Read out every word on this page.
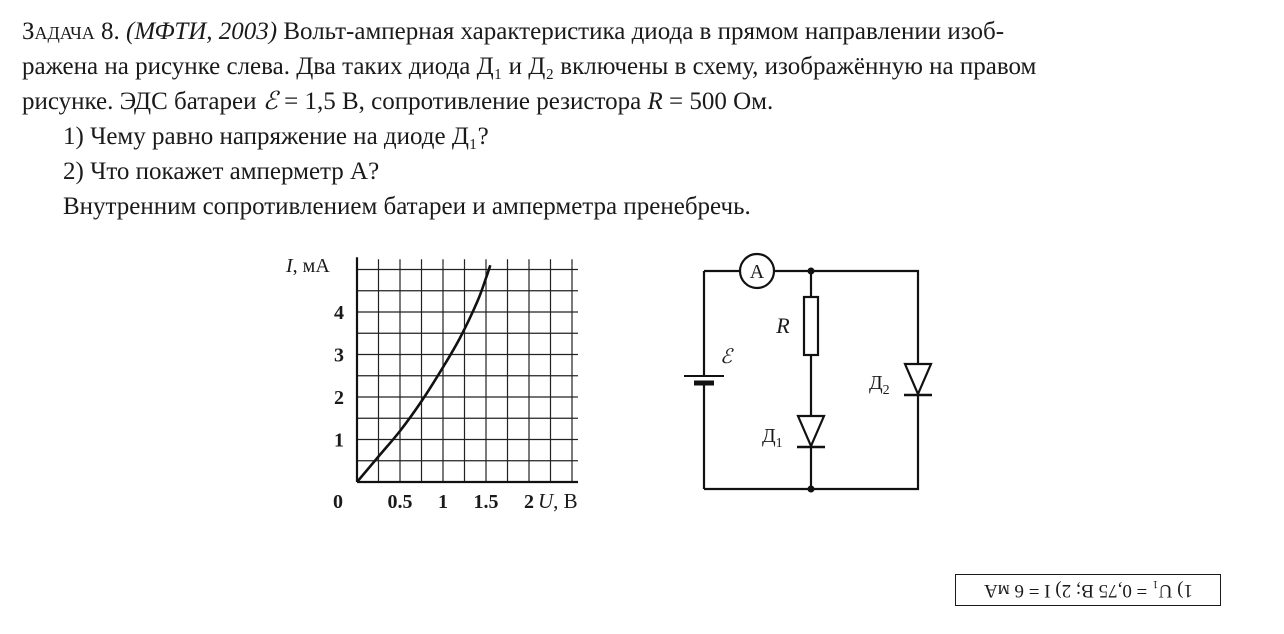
Задача 8. (МФТИ, 2003) Вольт-амперная характеристика диода в прямом направлении изоб-
ражена на рисунке слева. Два таких диода Д₁ и Д₂ включены в схему, изображённую на правом
рисунке. ЭДС батареи ℰ = 1,5 В, сопротивление резистора R = 500 Ом.

1) Чему равно напряжение на диоде Д₁?

2) Что покажет амперметр А?

Внутренним сопротивлением батареи и амперметра пренебречь.

I, мА
0
1
2
3
4
0.5 1 1.5 2 U, В
A
R
ℰ
$Д_1$
$Д_2$
1) U₁ = 0,75 В; 2) I = 6 мА
